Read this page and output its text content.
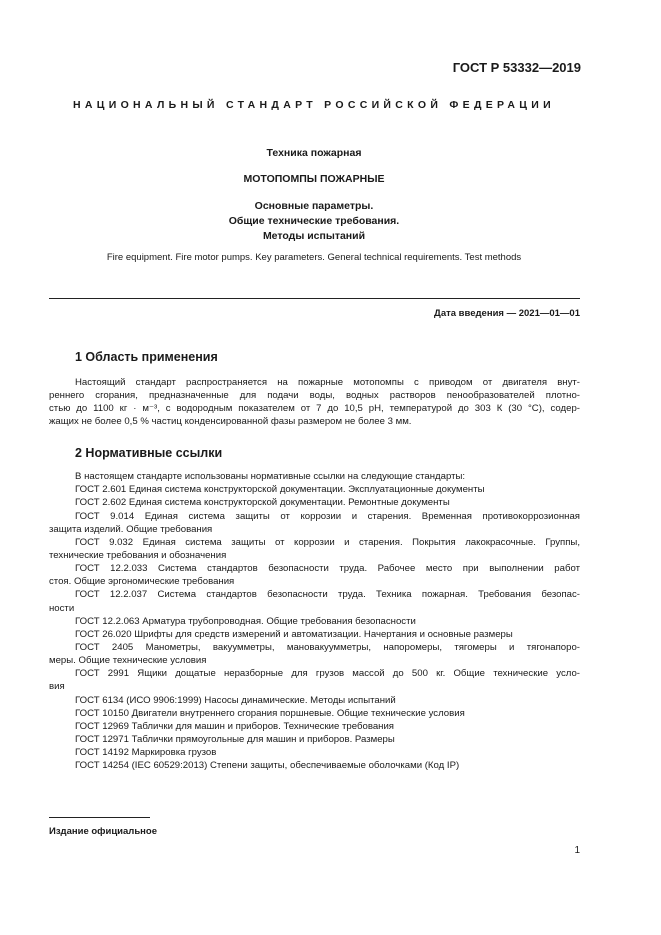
ГОСТ Р 53332—2019
НАЦИОНАЛЬНЫЙ СТАНДАРТ РОССИЙСКОЙ ФЕДЕРАЦИИ
Техника пожарная
МОТОПОМПЫ ПОЖАРНЫЕ
Основные параметры.
Общие технические требования.
Методы испытаний
Fire equipment. Fire motor pumps. Key parameters. General technical requirements. Test methods
Дата введения — 2021—01—01
1 Область применения
Настоящий стандарт распространяется на пожарные мотопомпы с приводом от двигателя внут-
реннего сгорания, предназначенные для подачи воды, водных растворов пенообразователей плотно-
стью до 1100 кг · м⁻³, с водородным показателем от 7 до 10,5 pH, температурой до 303 К (30 °С), содер-
жащих не более 0,5 % частиц конденсированной фазы размером не более 3 мм.
2 Нормативные ссылки
В настоящем стандарте использованы нормативные ссылки на следующие стандарты:
ГОСТ 2.601 Единая система конструкторской документации. Эксплуатационные документы
ГОСТ 2.602 Единая система конструкторской документации. Ремонтные документы
ГОСТ 9.014 Единая система защиты от коррозии и старения. Временная противокоррозионная
защита изделий. Общие требования
ГОСТ 9.032 Единая система защиты от коррозии и старения. Покрытия лакокрасочные. Группы,
технические требования и обозначения
ГОСТ 12.2.033 Система стандартов безопасности труда. Рабочее место при выполнении работ
стоя. Общие эргономические требования
ГОСТ 12.2.037 Система стандартов безопасности труда. Техника пожарная. Требования безопас-
ности
ГОСТ 12.2.063 Арматура трубопроводная. Общие требования безопасности
ГОСТ 26.020 Шрифты для средств измерений и автоматизации. Начертания и основные размеры
ГОСТ 2405 Манометры, вакуумметры, мановакуумметры, напоромеры, тягомеры и тягонапоро-
меры. Общие технические условия
ГОСТ 2991 Ящики дощатые неразборные для грузов массой до 500 кг. Общие технические усло-
вия
ГОСТ 6134 (ИСО 9906:1999) Насосы динамические. Методы испытаний
ГОСТ 10150 Двигатели внутреннего сгорания поршневые. Общие технические условия
ГОСТ 12969 Таблички для машин и приборов. Технические требования
ГОСТ 12971 Таблички прямоугольные для машин и приборов. Размеры
ГОСТ 14192 Маркировка грузов
ГОСТ 14254 (IEC 60529:2013) Степени защиты, обеспечиваемые оболочками (Код IP)
Издание официальное
1
